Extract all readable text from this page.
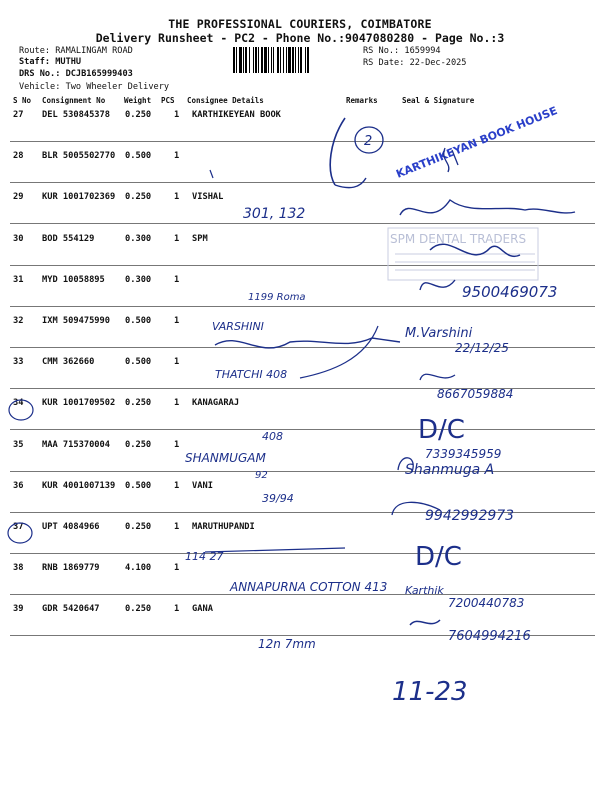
THE PROFESSIONAL COURIERS, COIMBATORE
Delivery Runsheet - PC2 - Phone No.:9047080280 - Page No.:3
Route: RAMALINGAM ROAD
Staff: MUTHU
DRS No.: DCJB165999403
Vehicle: Two Wheeler Delivery
RS No.: 1659994
RS Date: 22-Dec-2025
S No Consignment No	Weight PCS Consignee Details	Remarks	Seal & Signature
27 DEL 530845378 0.250	1 KARTHIKEYEAN BOOK
28 BLR 5005502770 0.500	1
29 KUR 1001702369 0.250	1 VISHAL
30 BOD 554129	0.300	1 SPM
31 MYD 10058895 0.300	1
32 IXM 509475990 0.500	1
33 CMM 362660	0.500	1
34 KUR 1001709502 0.250	1 KANAGARAJ
35 MAA 715370004 0.250	1
36 KUR 4001007139 0.500	1 VANI
37 UPT 4084966	0.250	1 MARUTHUPANDI
38 RNB 1869779	4.100	1
39 GDR 5420647	0.250	1 GANA
2 KARTHIKEYAN BOOK HOUSE
301, 132
SPM DENTAL TRADERS
1199 Roma	9500469073
VARSHINI	M.Varshini
22/12/25
THATCHI 408
8667059884
D/C
408
SHANMUGAM
92
7339345959
Shanmuga A
39/94
9942992973
114 27	D/C
ANNAPURNA COTTON 413 Karthik
7200440783
12n 7mm	7604994216
11-23
